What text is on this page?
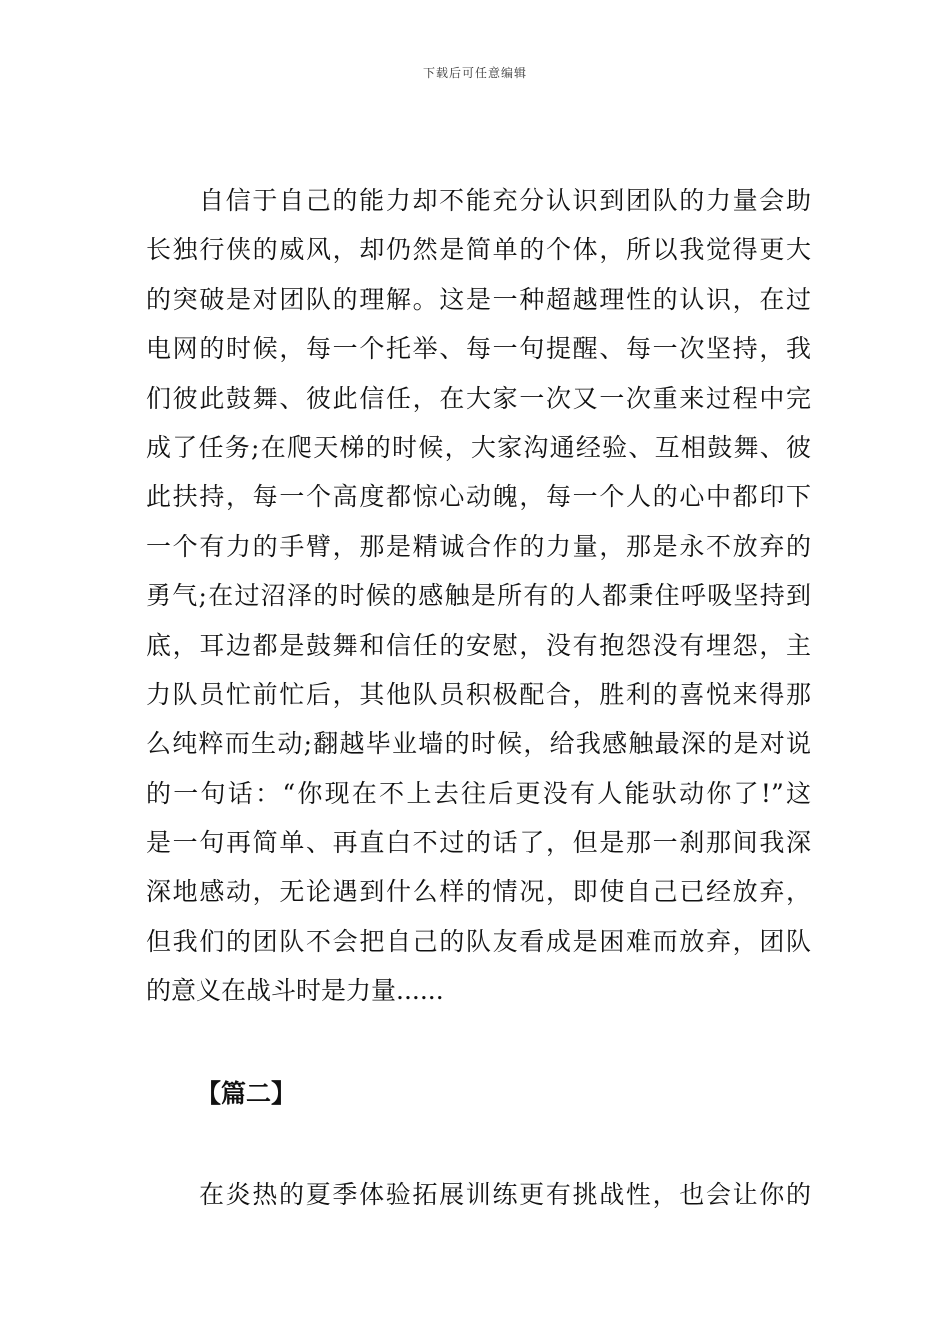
下载后可任意编辑
自信于自己的能力却不能充分认识到团队的力量会助
长独行侠的威风，却仍然是简单的个体，所以我觉得更大
的突破是对团队的理解。这是一种超越理性的认识，在过
电网的时候，每一个托举、每一句提醒、每一次坚持，我
们彼此鼓舞、彼此信任，在大家一次又一次重来过程中完
成了任务;在爬天梯的时候，大家沟通经验、互相鼓舞、彼
此扶持，每一个高度都惊心动魄，每一个人的心中都印下
一个有力的手臂，那是精诚合作的力量，那是永不放弃的
勇气;在过沼泽的时候的感触是所有的人都秉住呼吸坚持到
底，耳边都是鼓舞和信任的安慰，没有抱怨没有埋怨，主
力队员忙前忙后，其他队员积极配合，胜利的喜悦来得那
么纯粹而生动;翻越毕业墙的时候，给我感触最深的是对说
的一句话：“你现在不上去往后更没有人能驮动你了!”这
是一句再简单、再直白不过的话了，但是那一刹那间我深
深地感动，无论遇到什么样的情况，即使自己已经放弃，
但我们的团队不会把自己的队友看成是困难而放弃，团队
的意义在战斗时是力量......
【篇二】
在炎热的夏季体验拓展训练更有挑战性，也会让你的
